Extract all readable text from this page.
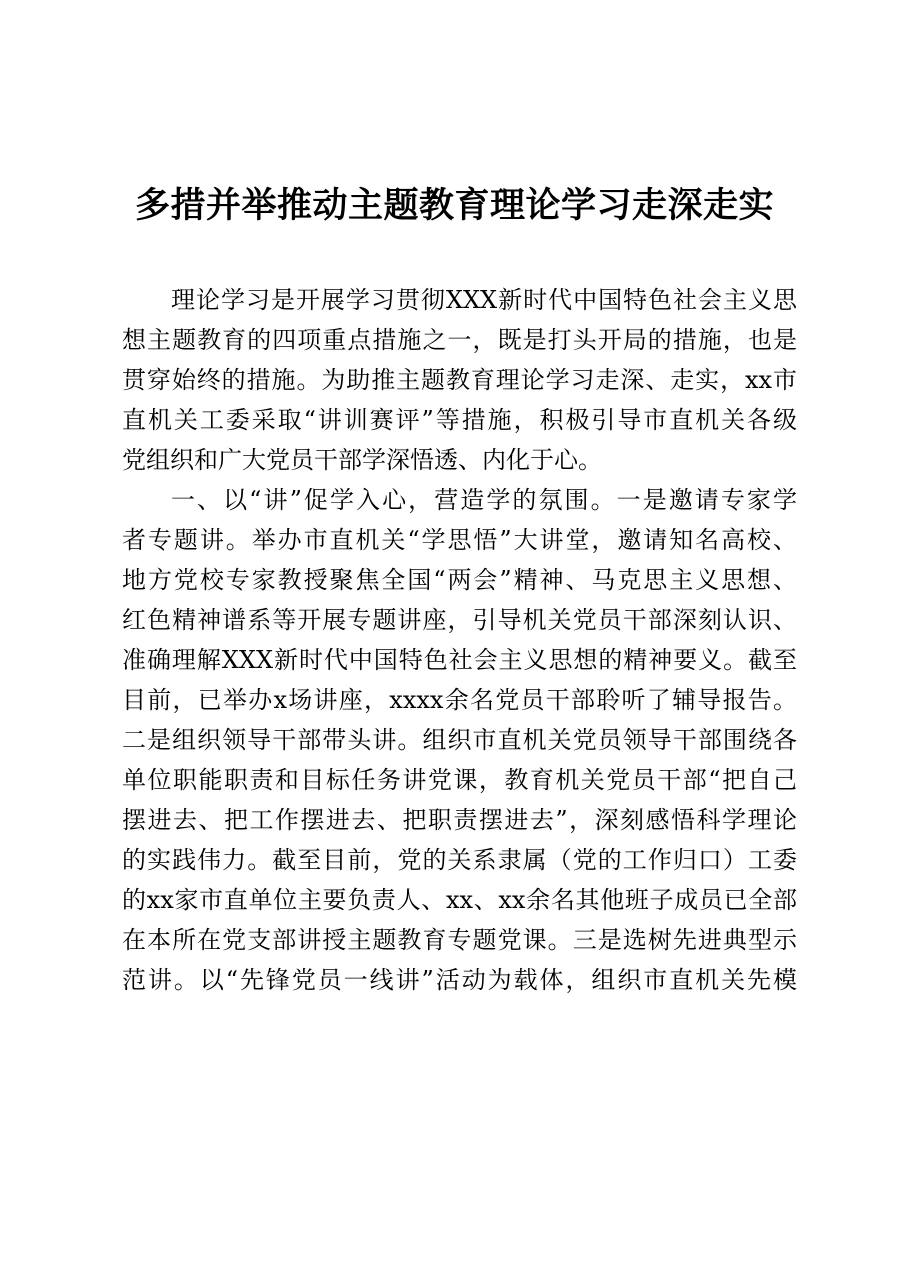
多措并举推动主题教育理论学习走深走实
理论学习是开展学习贯彻XXX新时代中国特色社会主义思
想主题教育的四项重点措施之一，既是打头开局的措施，也是
贯穿始终的措施。为助推主题教育理论学习走深、走实，xx市
直机关工委采取“讲训赛评”等措施，积极引导市直机关各级
党组织和广大党员干部学深悟透、内化于心。
一、以“讲”促学入心，营造学的氛围。一是邀请专家学
者专题讲。举办市直机关“学思悟”大讲堂，邀请知名高校、
地方党校专家教授聚焦全国“两会”精神、马克思主义思想、
红色精神谱系等开展专题讲座，引导机关党员干部深刻认识、
准确理解XXX新时代中国特色社会主义思想的精神要义。截至
目前，已举办x场讲座，xxxx余名党员干部聆听了辅导报告。
二是组织领导干部带头讲。组织市直机关党员领导干部围绕各
单位职能职责和目标任务讲党课，教育机关党员干部“把自己
摆进去、把工作摆进去、把职责摆进去”，深刻感悟科学理论
的实践伟力。截至目前，党的关系隶属（党的工作归口）工委
的xx家市直单位主要负责人、xx、xx余名其他班子成员已全部
在本所在党支部讲授主题教育专题党课。三是选树先进典型示
范讲。以“先锋党员一线讲”活动为载体，组织市直机关先模
